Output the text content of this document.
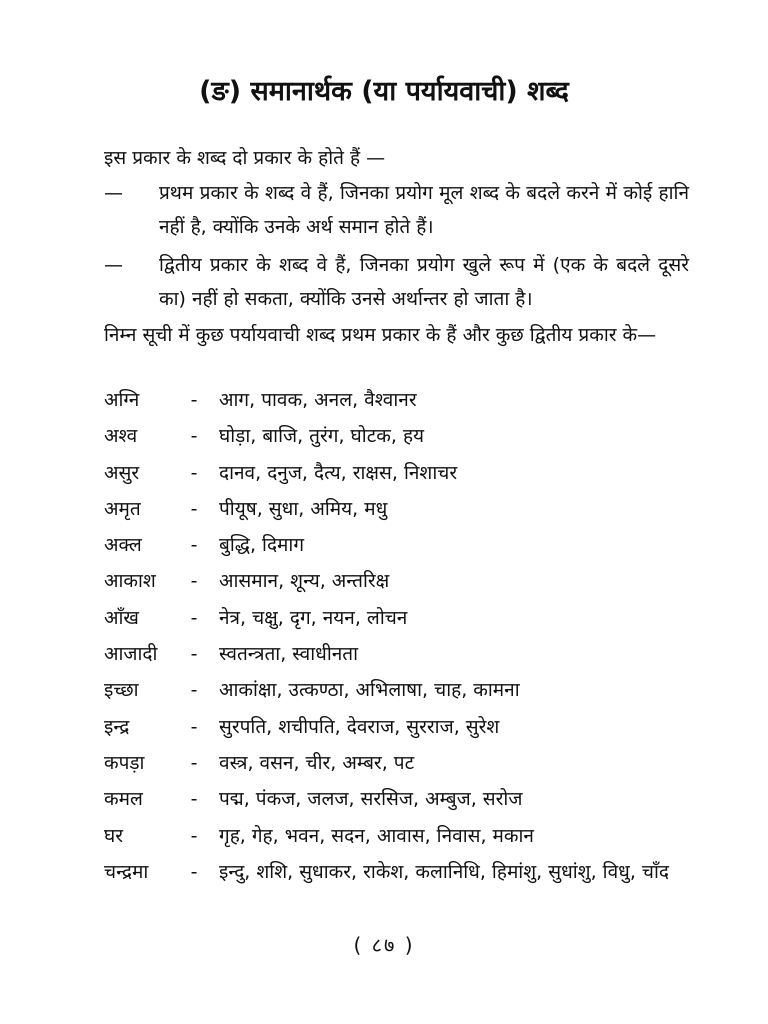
(ङ) समानार्थक (या पर्यायवाची) शब्द
इस प्रकार के शब्द दो प्रकार के होते हैं —
— प्रथम प्रकार के शब्द वे हैं, जिनका प्रयोग मूल शब्द के बदले करने में कोई हानि नहीं है, क्योंकि उनके अर्थ समान होते हैं।
— द्वितीय प्रकार के शब्द वे हैं, जिनका प्रयोग खुले रूप में (एक के बदले दूसरे का) नहीं हो सकता, क्योंकि उनसे अर्थान्तर हो जाता है।
निम्न सूची में कुछ पर्यायवाची शब्द प्रथम प्रकार के हैं और कुछ द्वितीय प्रकार के—
अग्नि	-	आग, पावक, अनल, वैश्वानर
अश्व	-	घोड़ा, बाजि, तुरंग, घोटक, हय
असुर	-	दानव, दनुज, दैत्य, राक्षस, निशाचर
अमृत	-	पीयूष, सुधा, अमिय, मधु
अक्ल	-	बुद्धि, दिमाग
आकाश	-	आसमान, शून्य, अन्तरिक्ष
आँख	-	नेत्र, चक्षु, दृग, नयन, लोचन
आजादी	-	स्वतन्त्रता, स्वाधीनता
इच्छा	-	आकांक्षा, उत्कण्ठा, अभिलाषा, चाह, कामना
इन्द्र	-	सुरपति, शचीपति, देवराज, सुरराज, सुरेश
कपड़ा	-	वस्त्र, वसन, चीर, अम्बर, पट
कमल	-	पद्म, पंकज, जलज, सरसिज, अम्बुज, सरोज
घर	-	गृह, गेह, भवन, सदन, आवास, निवास, मकान
चन्द्रमा	-	इन्दु, शशि, सुधाकर, राकेश, कलानिधि, हिमांशु, सुधांशु, विधु, चाँद
( ८७ )
